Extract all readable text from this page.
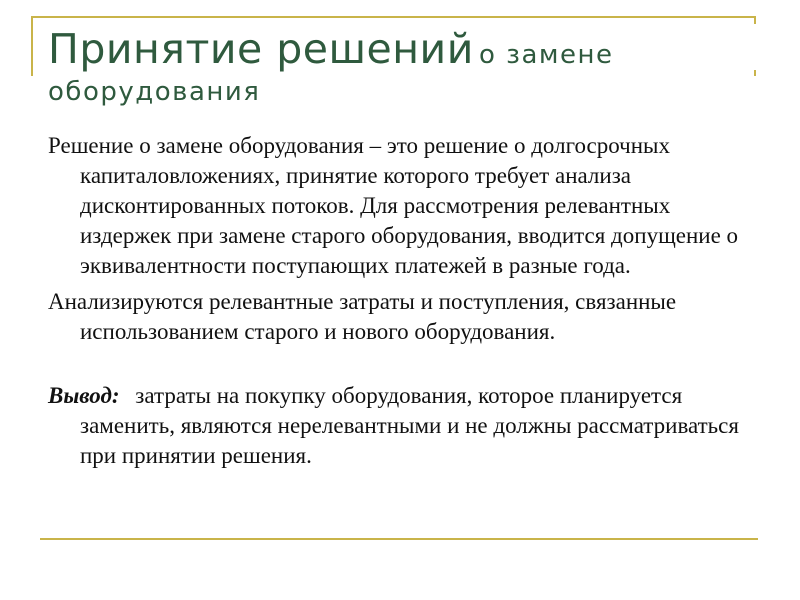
Принятие решений о замене
оборудования

Решение о замене оборудования – это решение о долгосрочных капиталовложениях, принятие которого требует анализа дисконтированных потоков. Для рассмотрения релевантных издержек при замене старого оборудования, вводится допущение о эквивалентности поступающих платежей в разные года.

Анализируются релевантные затраты и поступления, связанные использованием старого и нового оборудования.

Вывод: затраты на покупку оборудования, которое планируется заменить, являются нерелевантными и не должны рассматриваться при принятии решения.
